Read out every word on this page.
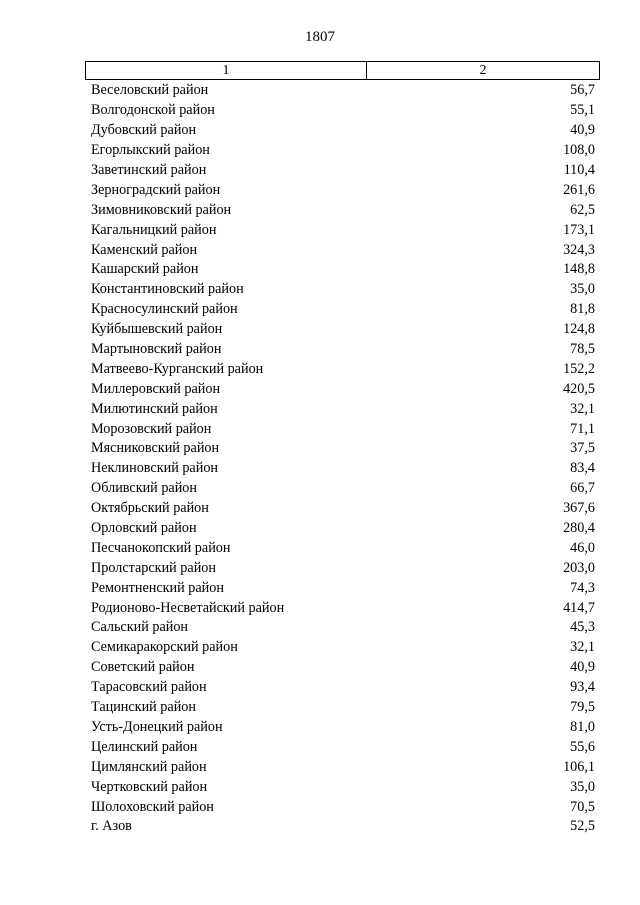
1807
1	2
Веселовский район	56,7
Волгодонской район	55,1
Дубовский район	40,9
Егорлыкский район	108,0
Заветинский район	110,4
Зерноградский район	261,6
Зимовниковский район	62,5
Кагальницкий район	173,1
Каменский район	324,3
Кашарский район	148,8
Константиновский район	35,0
Красносулинский район	81,8
Куйбышевский район	124,8
Мартыновский район	78,5
Матвеево-Курганский район	152,2
Миллеровский район	420,5
Милютинский район	32,1
Морозовский район	71,1
Мясниковский район	37,5
Неклиновский район	83,4
Обливский район	66,7
Октябрьский район	367,6
Орловский район	280,4
Песчанокопский район	46,0
Пролстарский район	203,0
Ремонтненский район	74,3
Родионово-Несветайский район	414,7
Сальский район	45,3
Семикаракорский район	32,1
Советский район	40,9
Тарасовский район	93,4
Тацинский район	79,5
Усть-Донецкий район	81,0
Целинский район	55,6
Цимлянский район	106,1
Чертковский район	35,0
Шолоховский район	70,5
г. Азов	52,5
